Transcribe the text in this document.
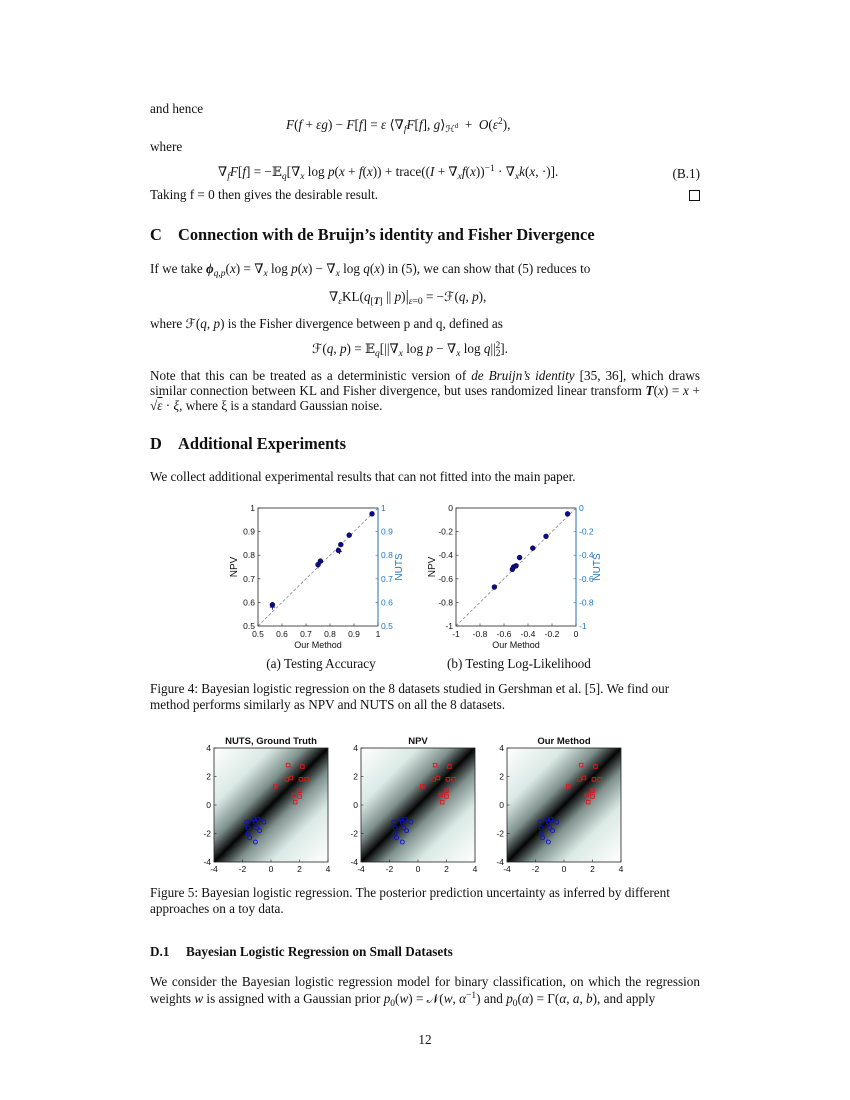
and hence
F(f + εg) − F[f] = ε $⟨\nabla_fF[f]$, $g⟩_{ℋ^d} + O(\varepsilon^2)$,
where
$\nabla_fF[f]$ = $-𝔼_q[\nabla_x$ log p(x + f(x)) + trace((I + $\nabla_xf(x))^{-1} \cdot \nabla_xk(x$, ·)].	(B.1)
Taking f = 0 then gives the desirable result.
C Connection with de Bruijn’s identity and Fisher Divergence
If we take $\phi_{q,p}(x) = \nabla_x$ $\log p(x) - \nabla_x$ log q(x) in (5), we can show that (5) reduces to
$\nabla_\varepsilon KL(q_{[T]}$ || $p)|_{\varepsilon=0}$ = −ℱ(q, p),
where ℱ(q, p) is the Fisher divergence between p and q, defined as
ℱ(q, $p) = 𝔼_q[||\nabla_x$ $\log p - \nabla_x$ $\log q||_2^2$].
Note that this can be treated as a deterministic version of de Bruijn’s identity [35, 36], which draws similar connection between KL and Fisher divergence, but uses randomized linear transform T(x) = x + √ε · ξ, where ξ is a standard Gaussian noise.
D Additional Experiments
We collect additional experimental results that can not fitted into the main paper.
0.5 0.6 0.7 0.8 0.9 1
0.5
0.6
0.7
0.8
0.9
1
0.5
0.6
0.7
0.8
0.9
1
Our Method
NPV	NUTS
-1 -0.8 -0.6 -0.4 -0.2 0
-1
-0.8
-0.6
-0.4
-0.2
0
-1
-0.8
-0.6
-0.4
-0.2
0
Our Method
NPV	NUTS
(a) Testing Accuracy	(b) Testing Log-Likelihood
Figure 4: Bayesian logistic regression on the 8 datasets studied in Gershman et al. [5]. We find our method performs similarly as NPV and NUTS on all the 8 datasets.
NUTS, Ground Truth
-4 -2	0	2	4
-4
-2
0
2
4
NPV
-4 -2	0	2	4
-4
-2
0
2
4
Our Method
-4 -2	0	2	4
-4
-2
0
2
4
Figure 5: Bayesian logistic regression. The posterior prediction uncertainty as inferred by different approaches on a toy data.
D.1 Bayesian Logistic Regression on Small Datasets
We consider the Bayesian logistic regression model for binary classification, on which the regression weights w is assigned with a Gaussian prior $p_0(w)$ = 𝒩(w, $\alpha^{-1}$) and $p_0(\alpha) = \Gamma(\alpha$, a, b), and apply
12
